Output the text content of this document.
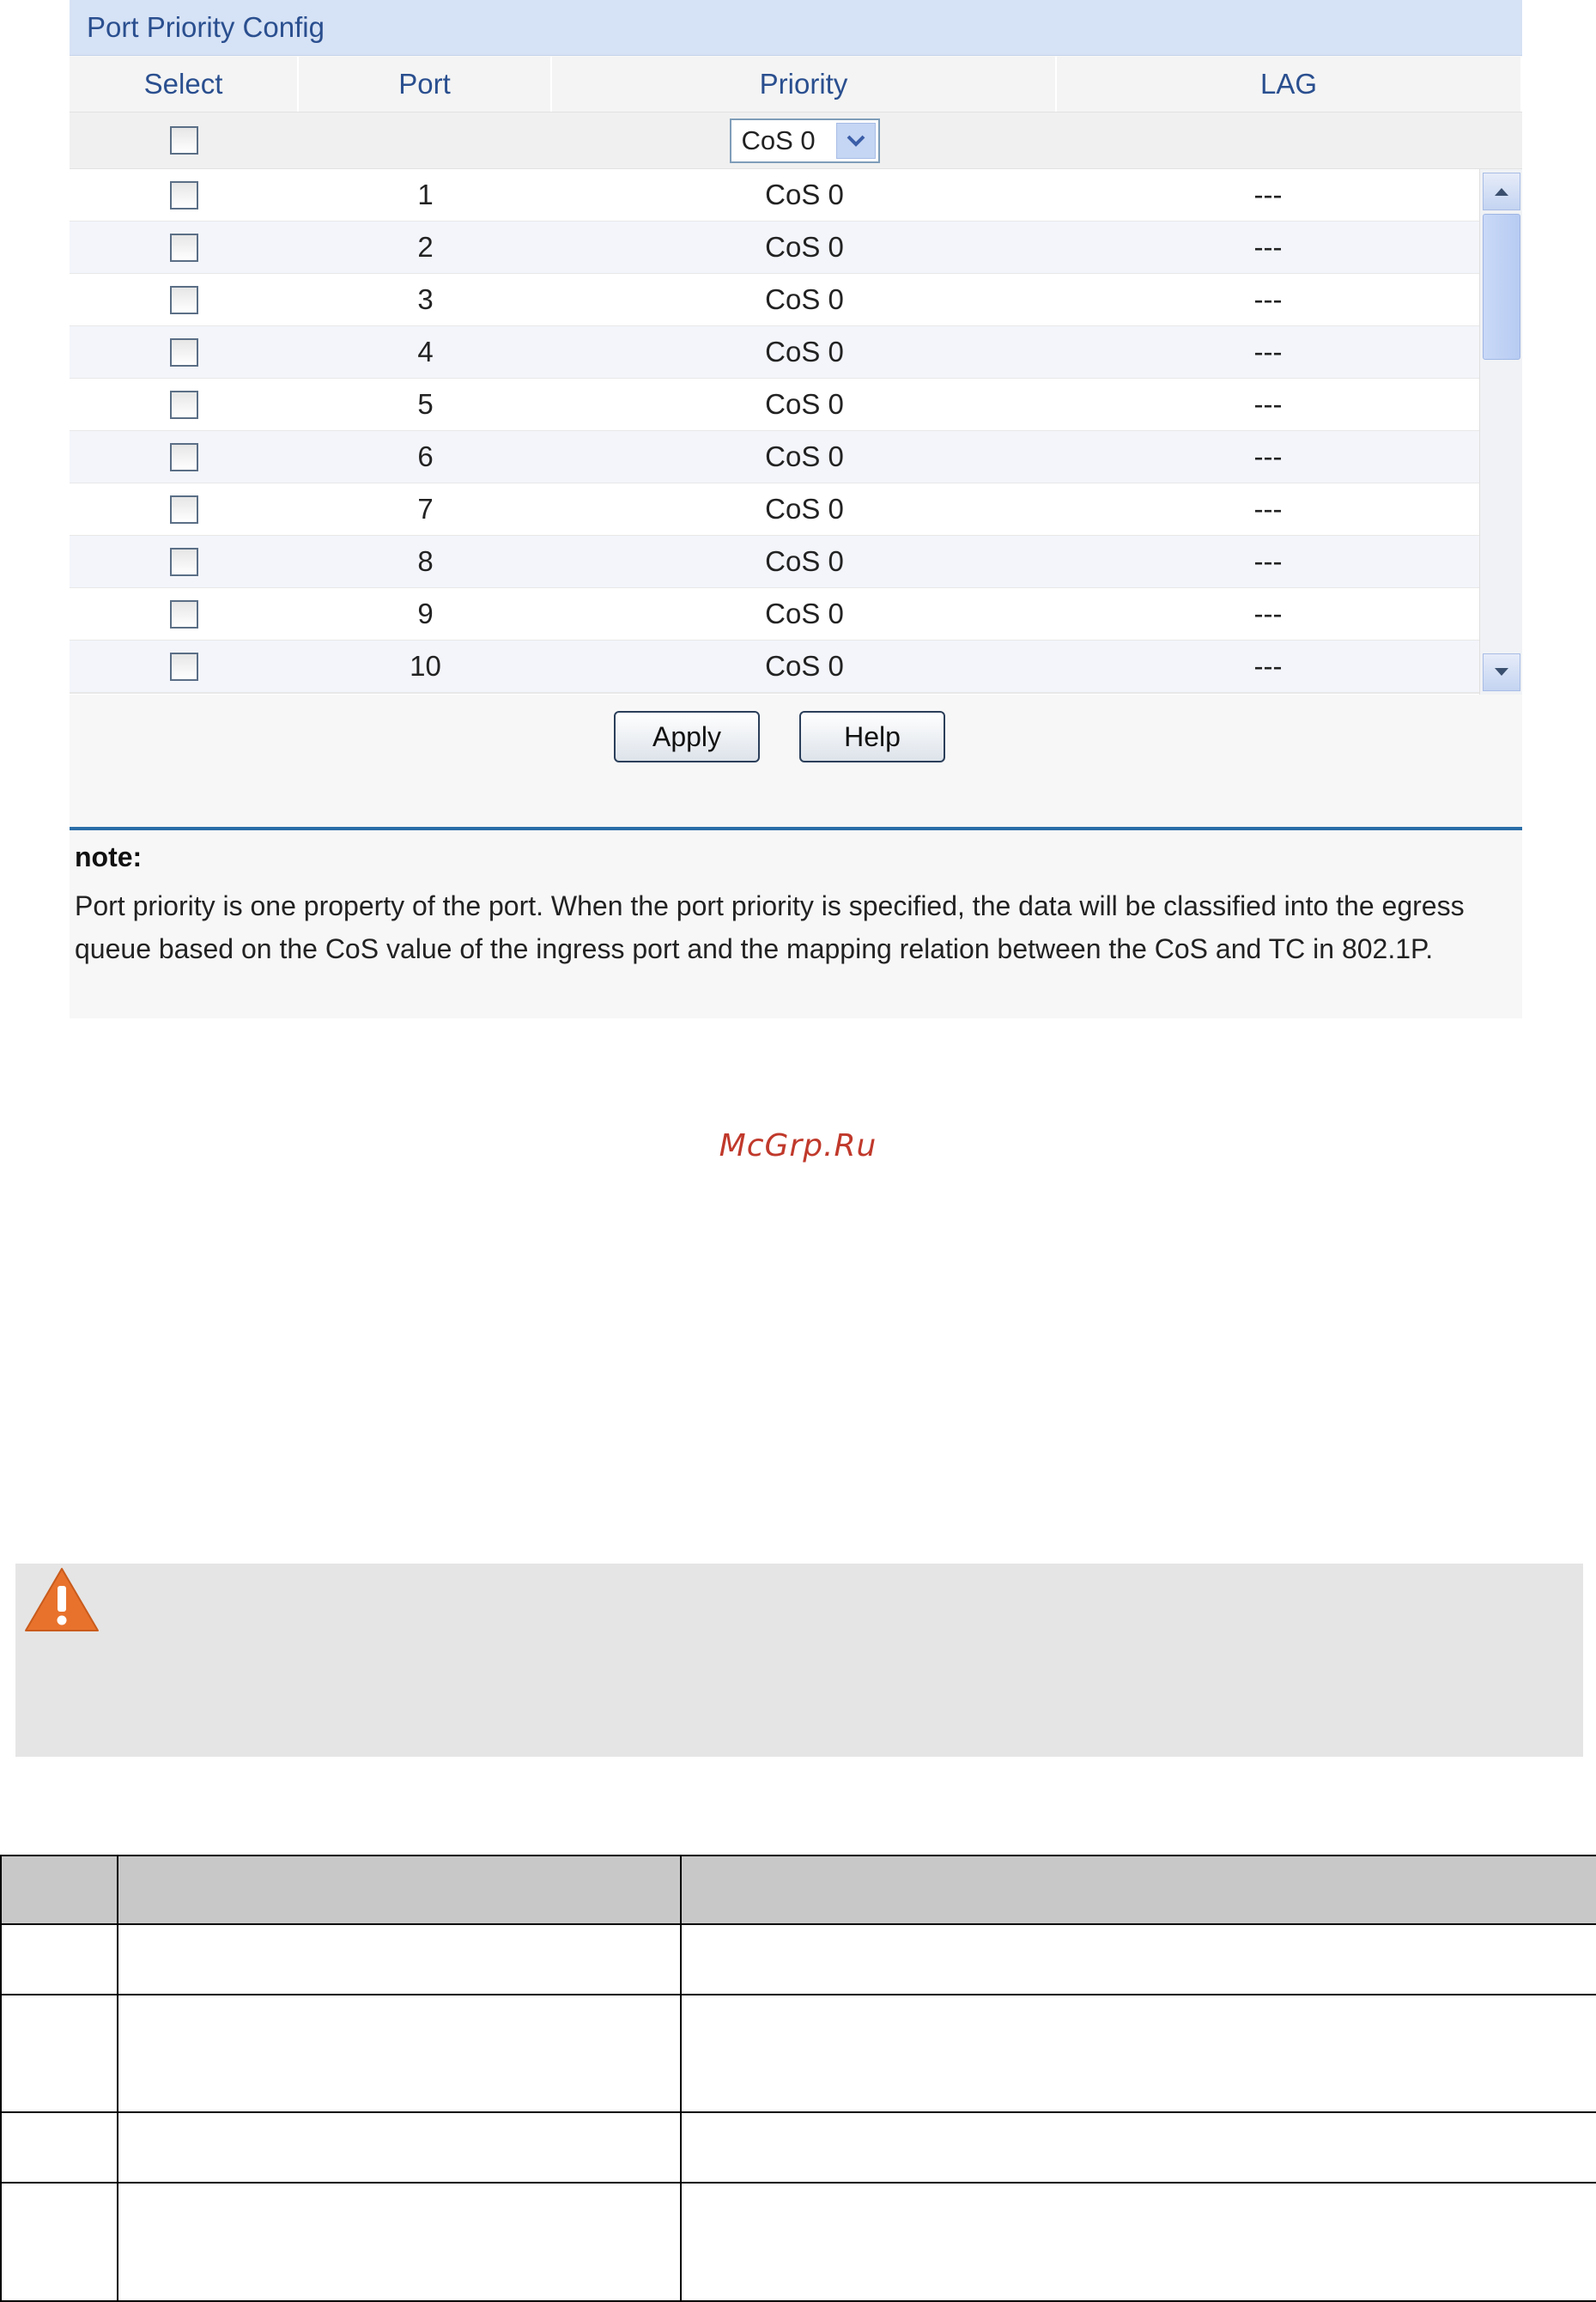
Port Priority Config
Select	Port	Priority	LAG
CoS 0
1	CoS 0	---
2	CoS 0	---
3	CoS 0	---
4	CoS 0	---
5	CoS 0	---
6	CoS 0	---
7	CoS 0	---
8	CoS 0	---
9	CoS 0	---
10	CoS 0	---
Apply	Help
note:
Port priority is one property of the port. When the port priority is specified, the data will be classified into the egress queue based on the CoS value of the ingress port and the mapping relation between the CoS and TC in 802.1P.
McGrp.Ru
